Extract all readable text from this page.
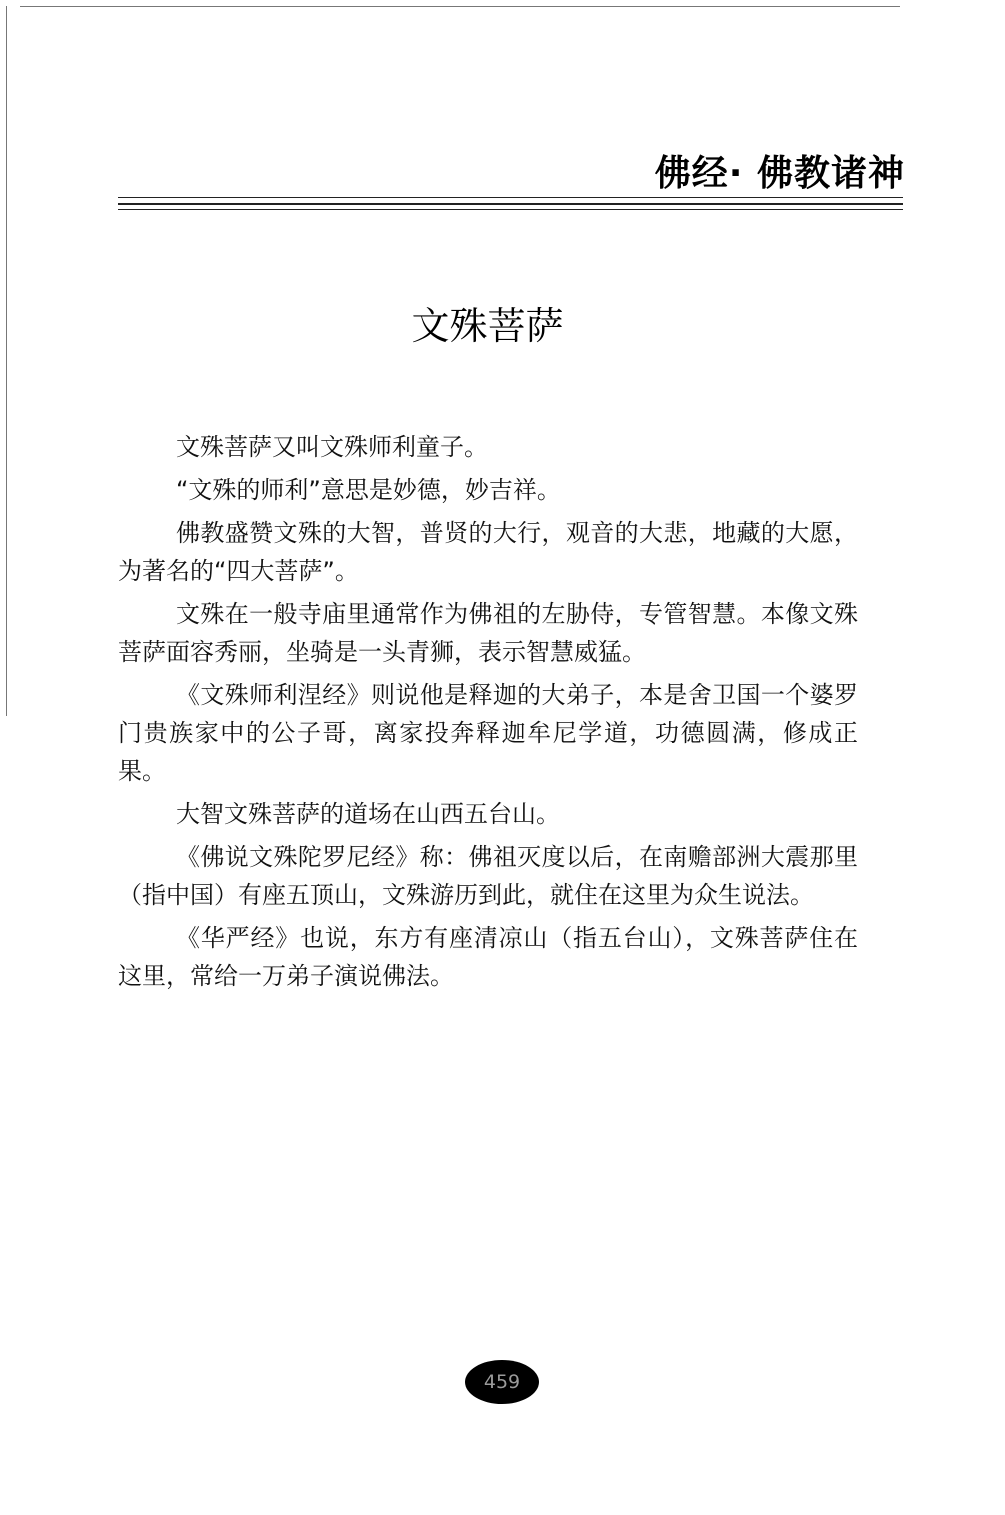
佛经· 佛教诸神
文殊菩萨

文殊菩萨又叫文殊师利童子。

“文殊的师利”意思是妙德，妙吉祥。

佛教盛赞文殊的大智，普贤的大行，观音的大悲，地藏的大愿，为著名的“四大菩萨”。

文殊在一般寺庙里通常作为佛祖的左胁侍，专管智慧。本像文殊菩萨面容秀丽，坐骑是一头青狮，表示智慧威猛。

《文殊师利涅经》则说他是释迦的大弟子，本是舍卫国一个婆罗门贵族家中的公子哥，离家投奔释迦牟尼学道，功德圆满，修成正果。

大智文殊菩萨的道场在山西五台山。

《佛说文殊陀罗尼经》称：佛祖灭度以后，在南赡部洲大震那里（指中国）有座五顶山，文殊游历到此，就住在这里为众生说法。

《华严经》也说，东方有座清凉山（指五台山），文殊菩萨住在这里，常给一万弟子演说佛法。

459
